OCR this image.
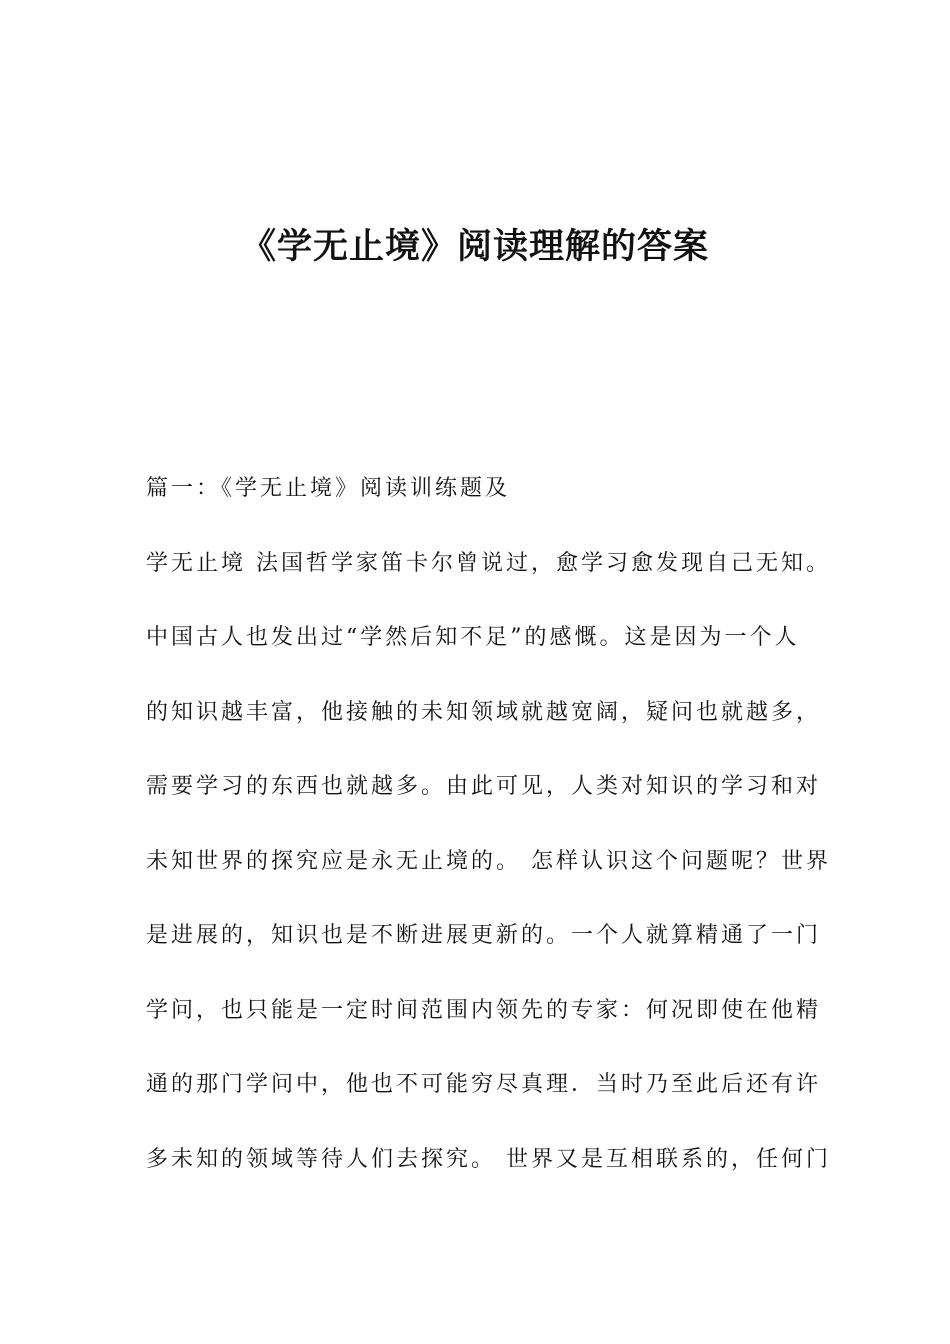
《学无止境》阅读理解的答案
篇一：《学无止境》阅读训练题及
学无止境 法国哲学家笛卡尔曾说过，愈学习愈发现自己无知。
中国古人也发出过“学然后知不足”的感慨。这是因为一个人
的知识越丰富，他接触的未知领域就越宽阔，疑问也就越多，
需要学习的东西也就越多。由此可见，人类对知识的学习和对
未知世界的探究应是永无止境的。 怎样认识这个问题呢？世界
是进展的，知识也是不断进展更新的。一个人就算精通了一门
学问，也只能是一定时间范围内领先的专家：何况即使在他精
通的那门学问中，他也不可能穷尽真理．当时乃至此后还有许
多未知的领域等待人们去探究。 世界又是互相联系的，任何门
